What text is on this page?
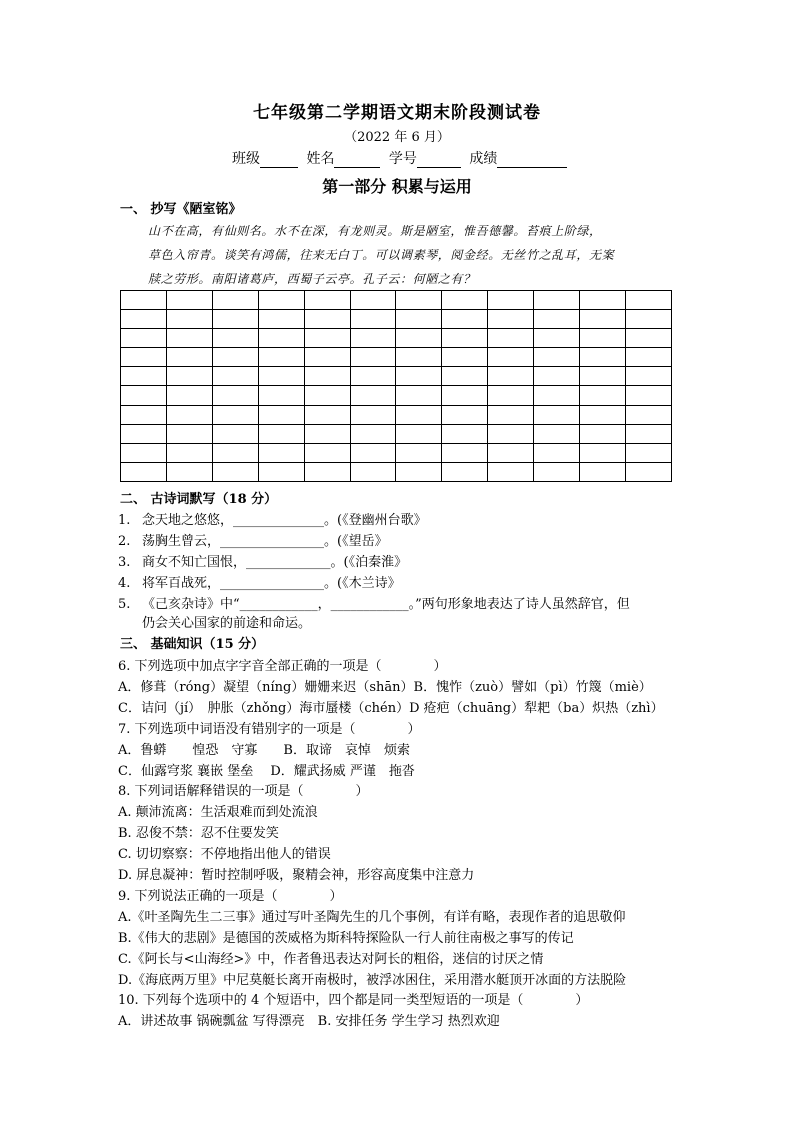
七年级第二学期语文期末阶段测试卷
（2022 年 6 月）
班级	姓名	学号	成绩
第一部分 积累与运用
一、 抄写《陋室铭》
山不在高，有仙则名。水不在深，有龙则灵。斯是陋室，惟吾德馨。苔痕上阶绿，
草色入帘青。谈笑有鸿儒，往来无白丁。可以调素琴，阅金经。无丝竹之乱耳，无案
牍之劳形。南阳诸葛庐，西蜀子云亭。孔子云：何陋之有？

二、 古诗词默写（18 分）
1. 念天地之悠悠，______________。(《登幽州台歌》
2. 荡胸生曾云，________________。(《望岳》
3. 商女不知亡国恨，_____________。(《泊秦淮》
4. 将军百战死，________________。(《木兰诗》
5. 《己亥杂诗》中“____________，____________。”两句形象地表达了诗人虽然辞官，但
仍会关心国家的前途和命运。
三、 基础知识（15 分）
6. 下列选项中加点字字音全部正确的一项是（　　　　）
A．修葺（róng）凝望（níng）姗姗来迟（shān）B．愧怍（zuò）譬如（pì）竹篾（miè）
C．诘问（jí）　肿胀（zhǒng）海市蜃楼（chén）D 疮疤（chuāng）犁耙（ba）炽热（zhì）
7. 下列选项中词语没有错别字的一项是（　　　　）
A．鲁蟒　　惶恐　守寡　　B．取谛　哀悼　烦索
C．仙露穹浆 襄嵌 堡垒　 D．耀武扬威 严谨　拖沓
8. 下列词语解释错误的一项是（　　　　）
A. 颠沛流离：生活艰难而到处流浪
B. 忍俊不禁：忍不住要发笑
C. 切切察察：不停地指出他人的错误
D. 屏息凝神：暂时控制呼吸，聚精会神，形容高度集中注意力
9. 下列说法正确的一项是（　　　　）
A.《叶圣陶先生二三事》通过写叶圣陶先生的几个事例，有详有略，表现作者的追思敬仰
B.《伟大的悲剧》是德国的茨威格为斯科特探险队一行人前往南极之事写的传记
C.《阿长与<山海经>》中，作者鲁迅表达对阿长的粗俗，迷信的讨厌之情
D.《海底两万里》中尼莫艇长离开南极时，被浮冰困住，采用潜水艇顶开冰面的方法脱险
10. 下列每个选项中的 4 个短语中，四个都是同一类型短语的一项是（　　　　）
A．讲述故事 锅碗瓢盆 写得漂亮　B. 安排任务 学生学习 热烈欢迎
